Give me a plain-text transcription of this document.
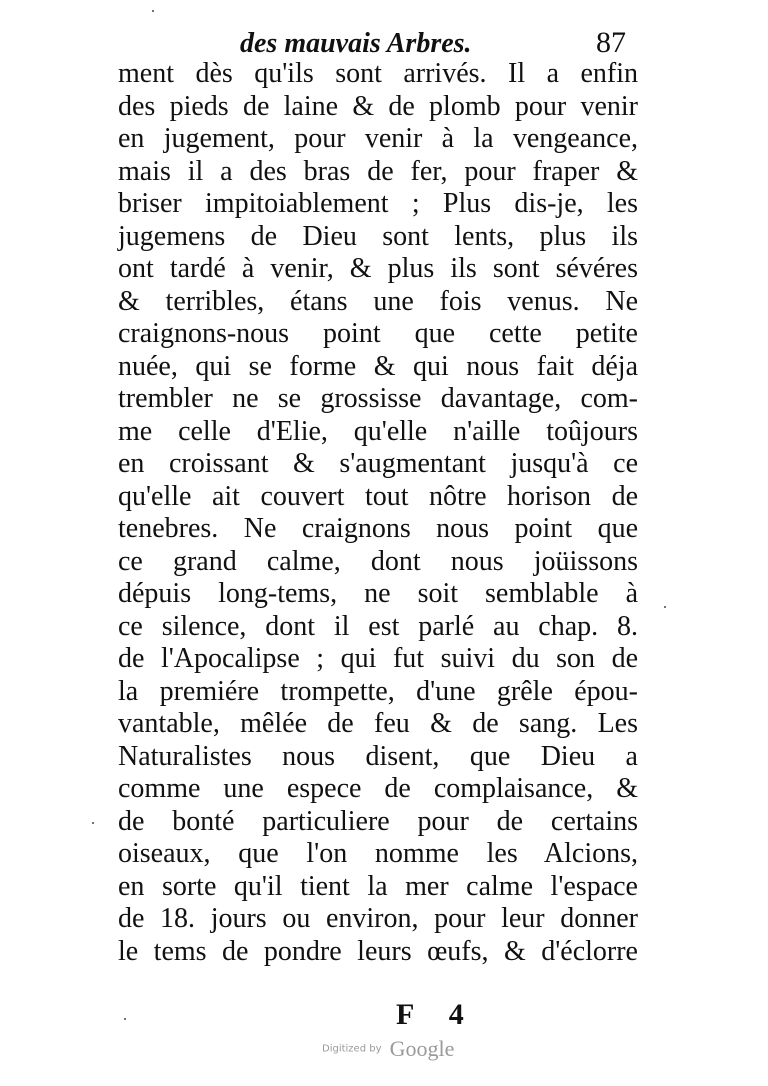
des mauvais Arbres.	87
ment dès qu'ils sont arrivés. Il a enfin
des pieds de laine & de plomb pour venir
en jugement, pour venir à la vengeance,
mais il a des bras de fer, pour fraper &
briser impitoiablement ; Plus dis-je, les
jugemens de Dieu sont lents, plus ils
ont tardé à venir, & plus ils sont sévéres
& terribles, étans une fois venus. Ne
craignons-nous point que cette petite
nuée, qui se forme & qui nous fait déja
trembler ne se grossisse davantage, com-
me celle d'Elie, qu'elle n'aille toûjours
en croissant & s'augmentant jusqu'à ce
qu'elle ait couvert tout nôtre horison de
tenebres. Ne craignons nous point que
ce grand calme, dont nous joüissons
dépuis long-tems, ne soit semblable à
ce silence, dont il est parlé au chap. 8.
de l'Apocalipse ; qui fut suivi du son de
la premiére trompette, d'une grêle épou-
vantable, mêlée de feu & de sang. Les
Naturalistes nous disent, que Dieu a
comme une espece de complaisance, &
de bonté particuliere pour de certains
oiseaux, que l'on nomme les Alcions,
en sorte qu'il tient la mer calme l'espace
de 18. jours ou environ, pour leur donner
le tems de pondre leurs œufs, & d'éclorre
F 4
Digitized by Google
